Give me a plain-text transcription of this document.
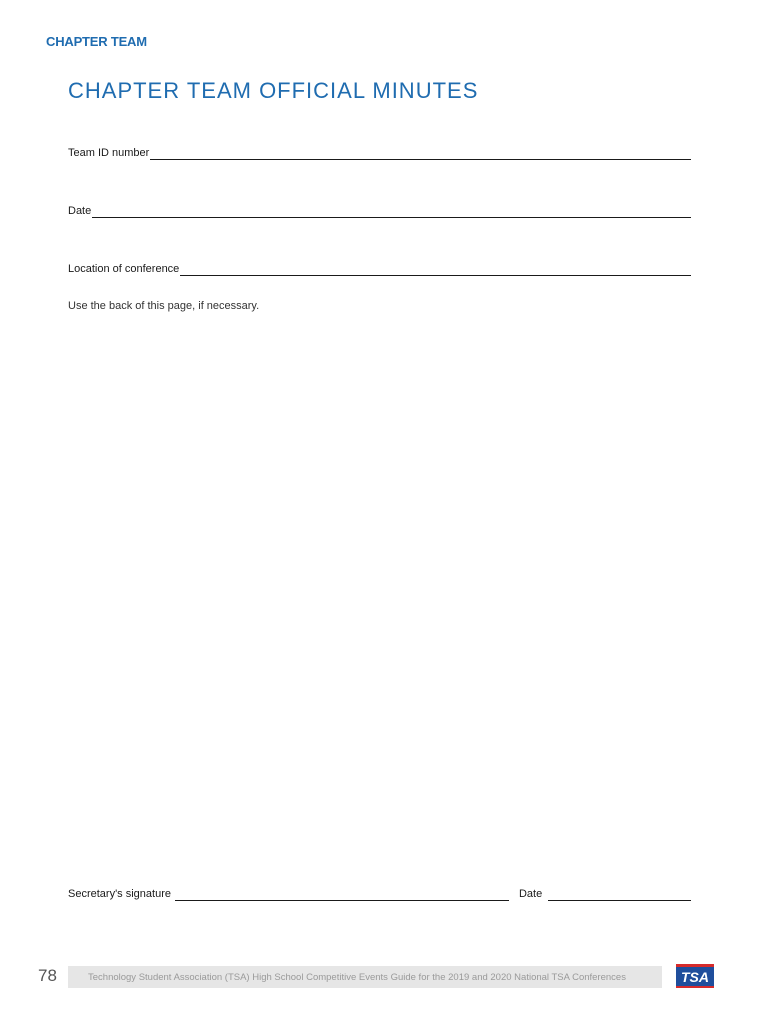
CHAPTER TEAM
CHAPTER TEAM OFFICIAL MINUTES
Team ID number
Date
Location of conference
Use the back of this page, if necessary.
Secretary's signature	Date
78	Technology Student Association (TSA) High School Competitive Events Guide for the 2019 and 2020 National TSA Conferences	TSA
